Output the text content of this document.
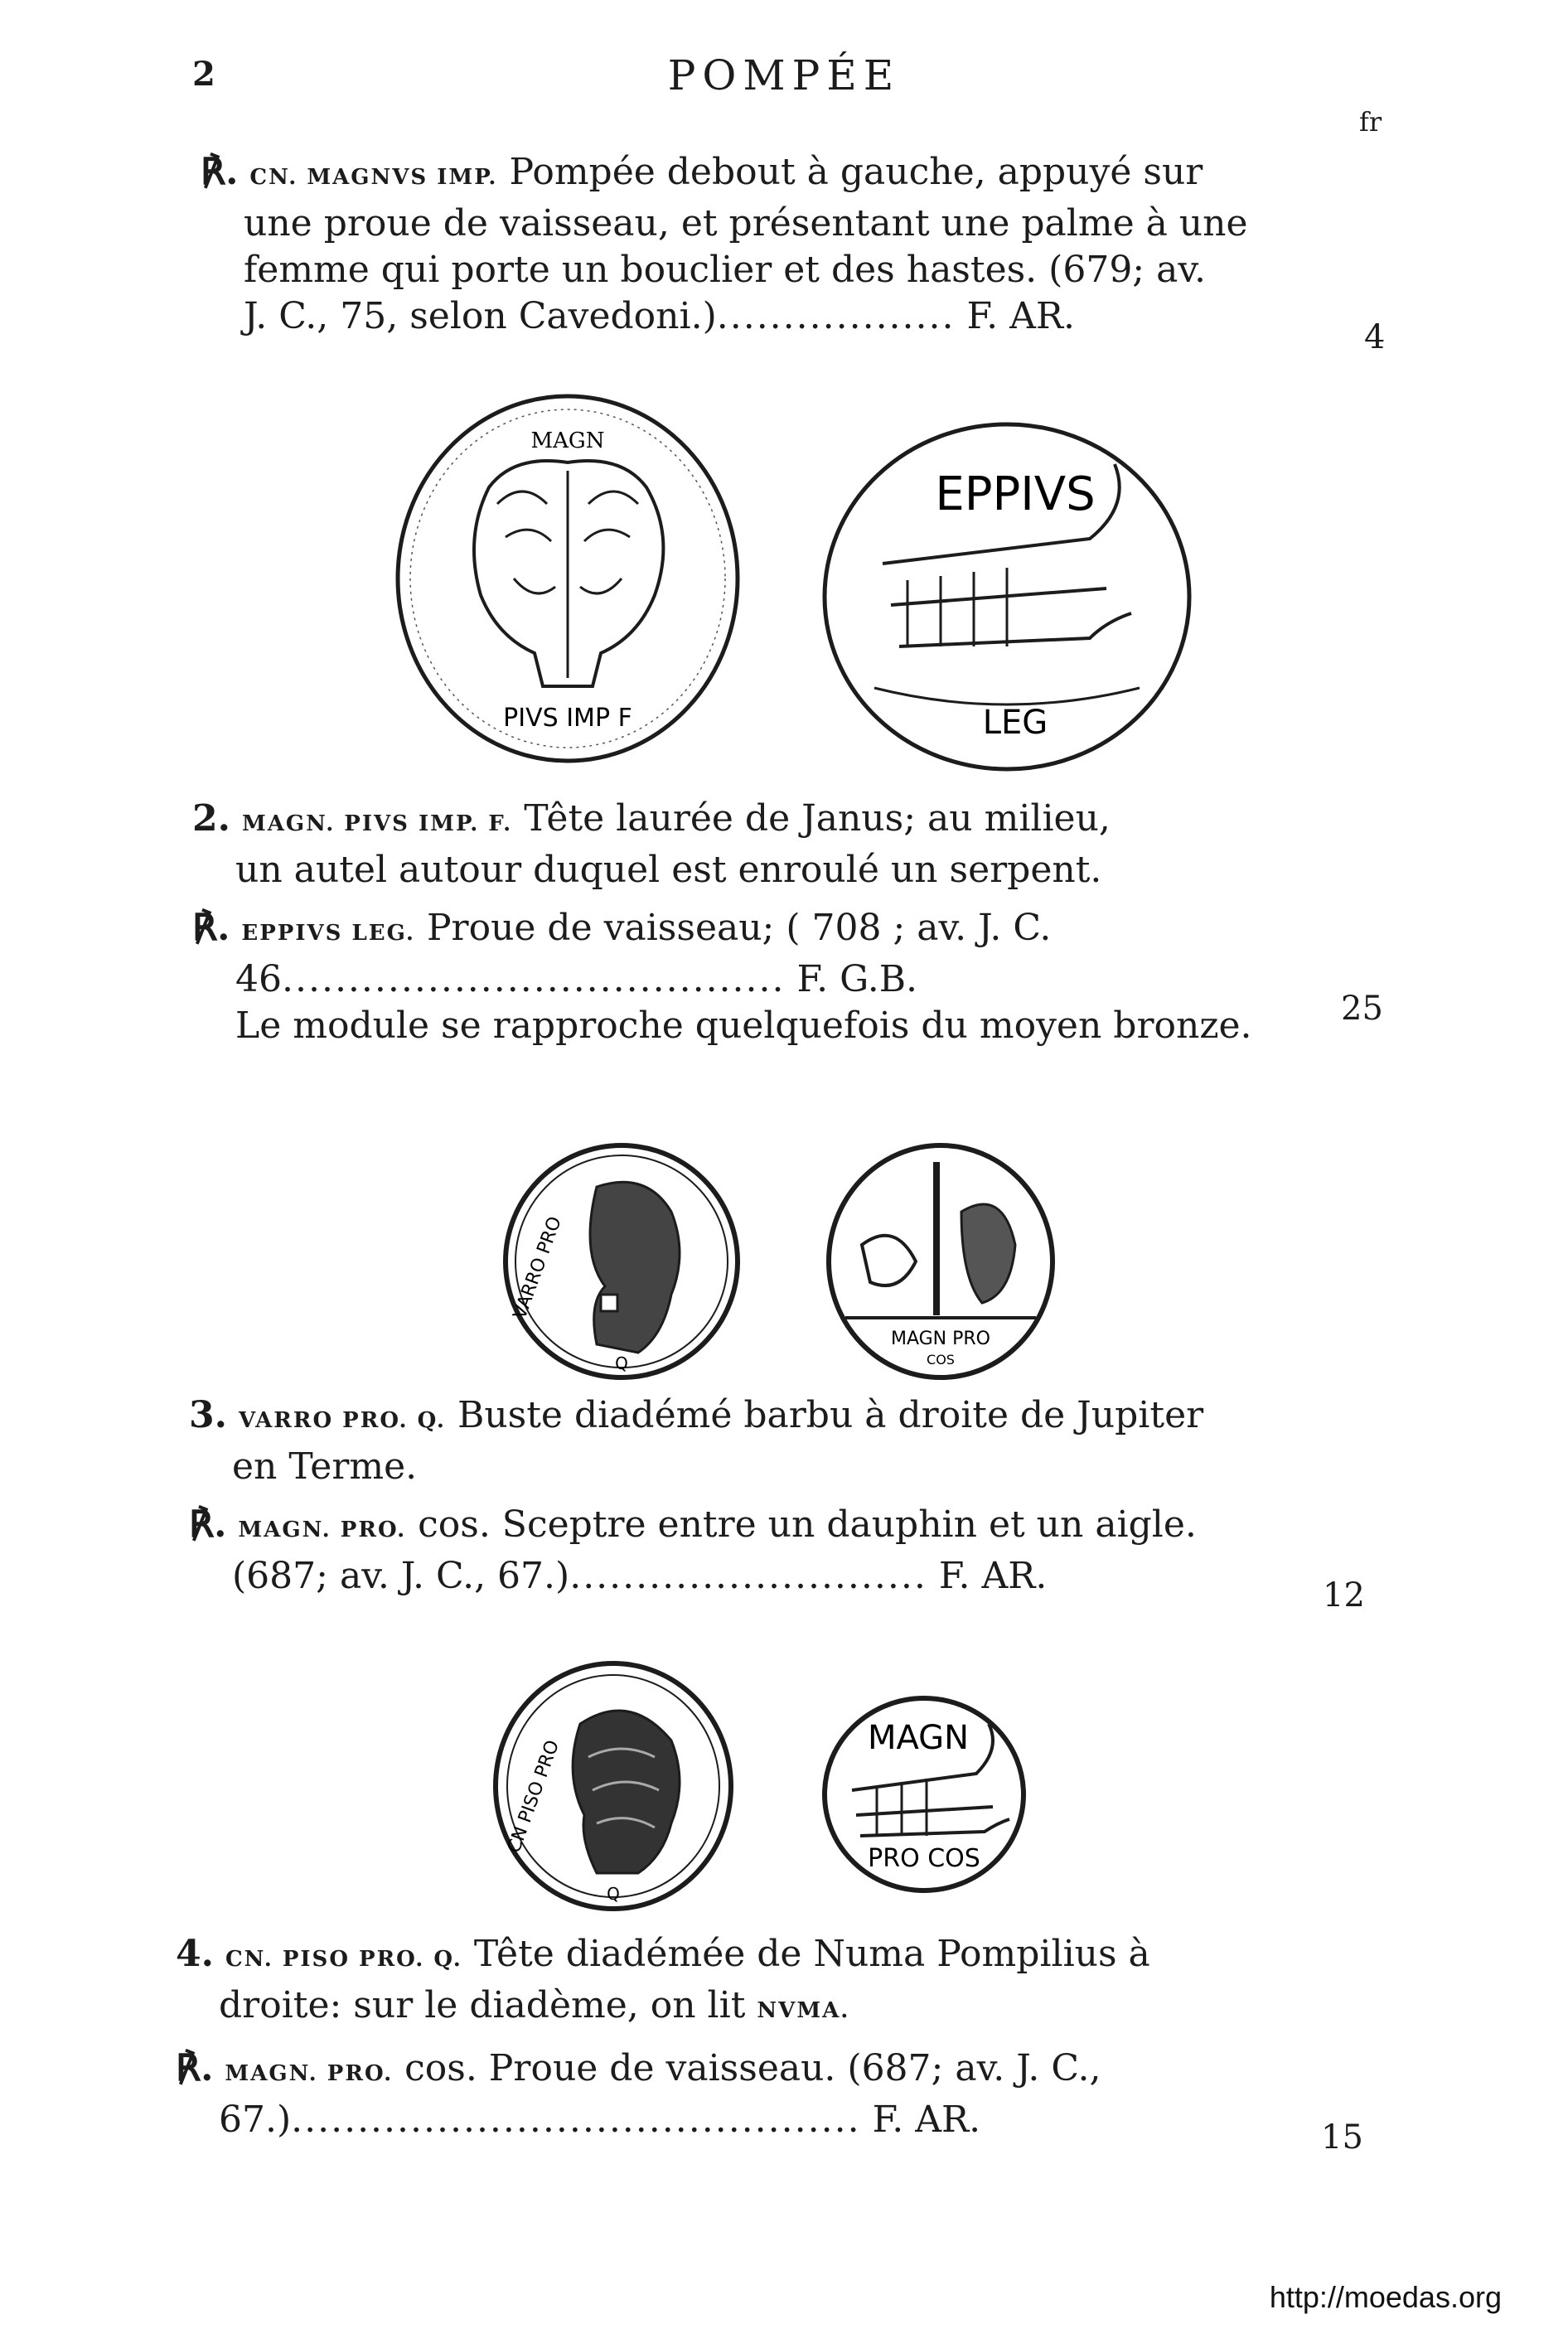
2	POMPÉE
fr
℟. CN. MAGNVS IMP. Pompée debout à gauche, appuyé sur
une proue de vaisseau, et présentant une palme à une
femme qui porte un bouclier et des hastes. (679; av.
J. C., 75, selon Cavedoni.).................. F. AR.	4
MAGN
PIVS IMP F
EPPIVS
LEG
2. MAGN. PIVS IMP. F. Tête laurée de Janus; au milieu,
un autel autour duquel est enroulé un serpent.
℟. EPPIVS LEG. Proue de vaisseau; ( 708 ; av. J. C.
46...................................... F. G.B.
Le module se rapproche quelquefois du moyen bronze.	25
VARRO PRO
Q
MAGN PRO
COS
3. VARRO PRO. Q. Buste diadémé barbu à droite de Jupiter
en Terme.
℟. MAGN. PRO. cos. Sceptre entre un dauphin et un aigle.
(687; av. J. C., 67.)........................... F. AR.	12
CN PISO PRO
Q
MAGN
PRO COS
4. CN. PISO PRO. Q. Tête diadémée de Numa Pompilius à
droite: sur le diadème, on lit NVMA.
℟. MAGN. PRO. cos. Proue de vaisseau. (687; av. J. C.,
67.)........................................... F. AR.	15
http://moedas.org
